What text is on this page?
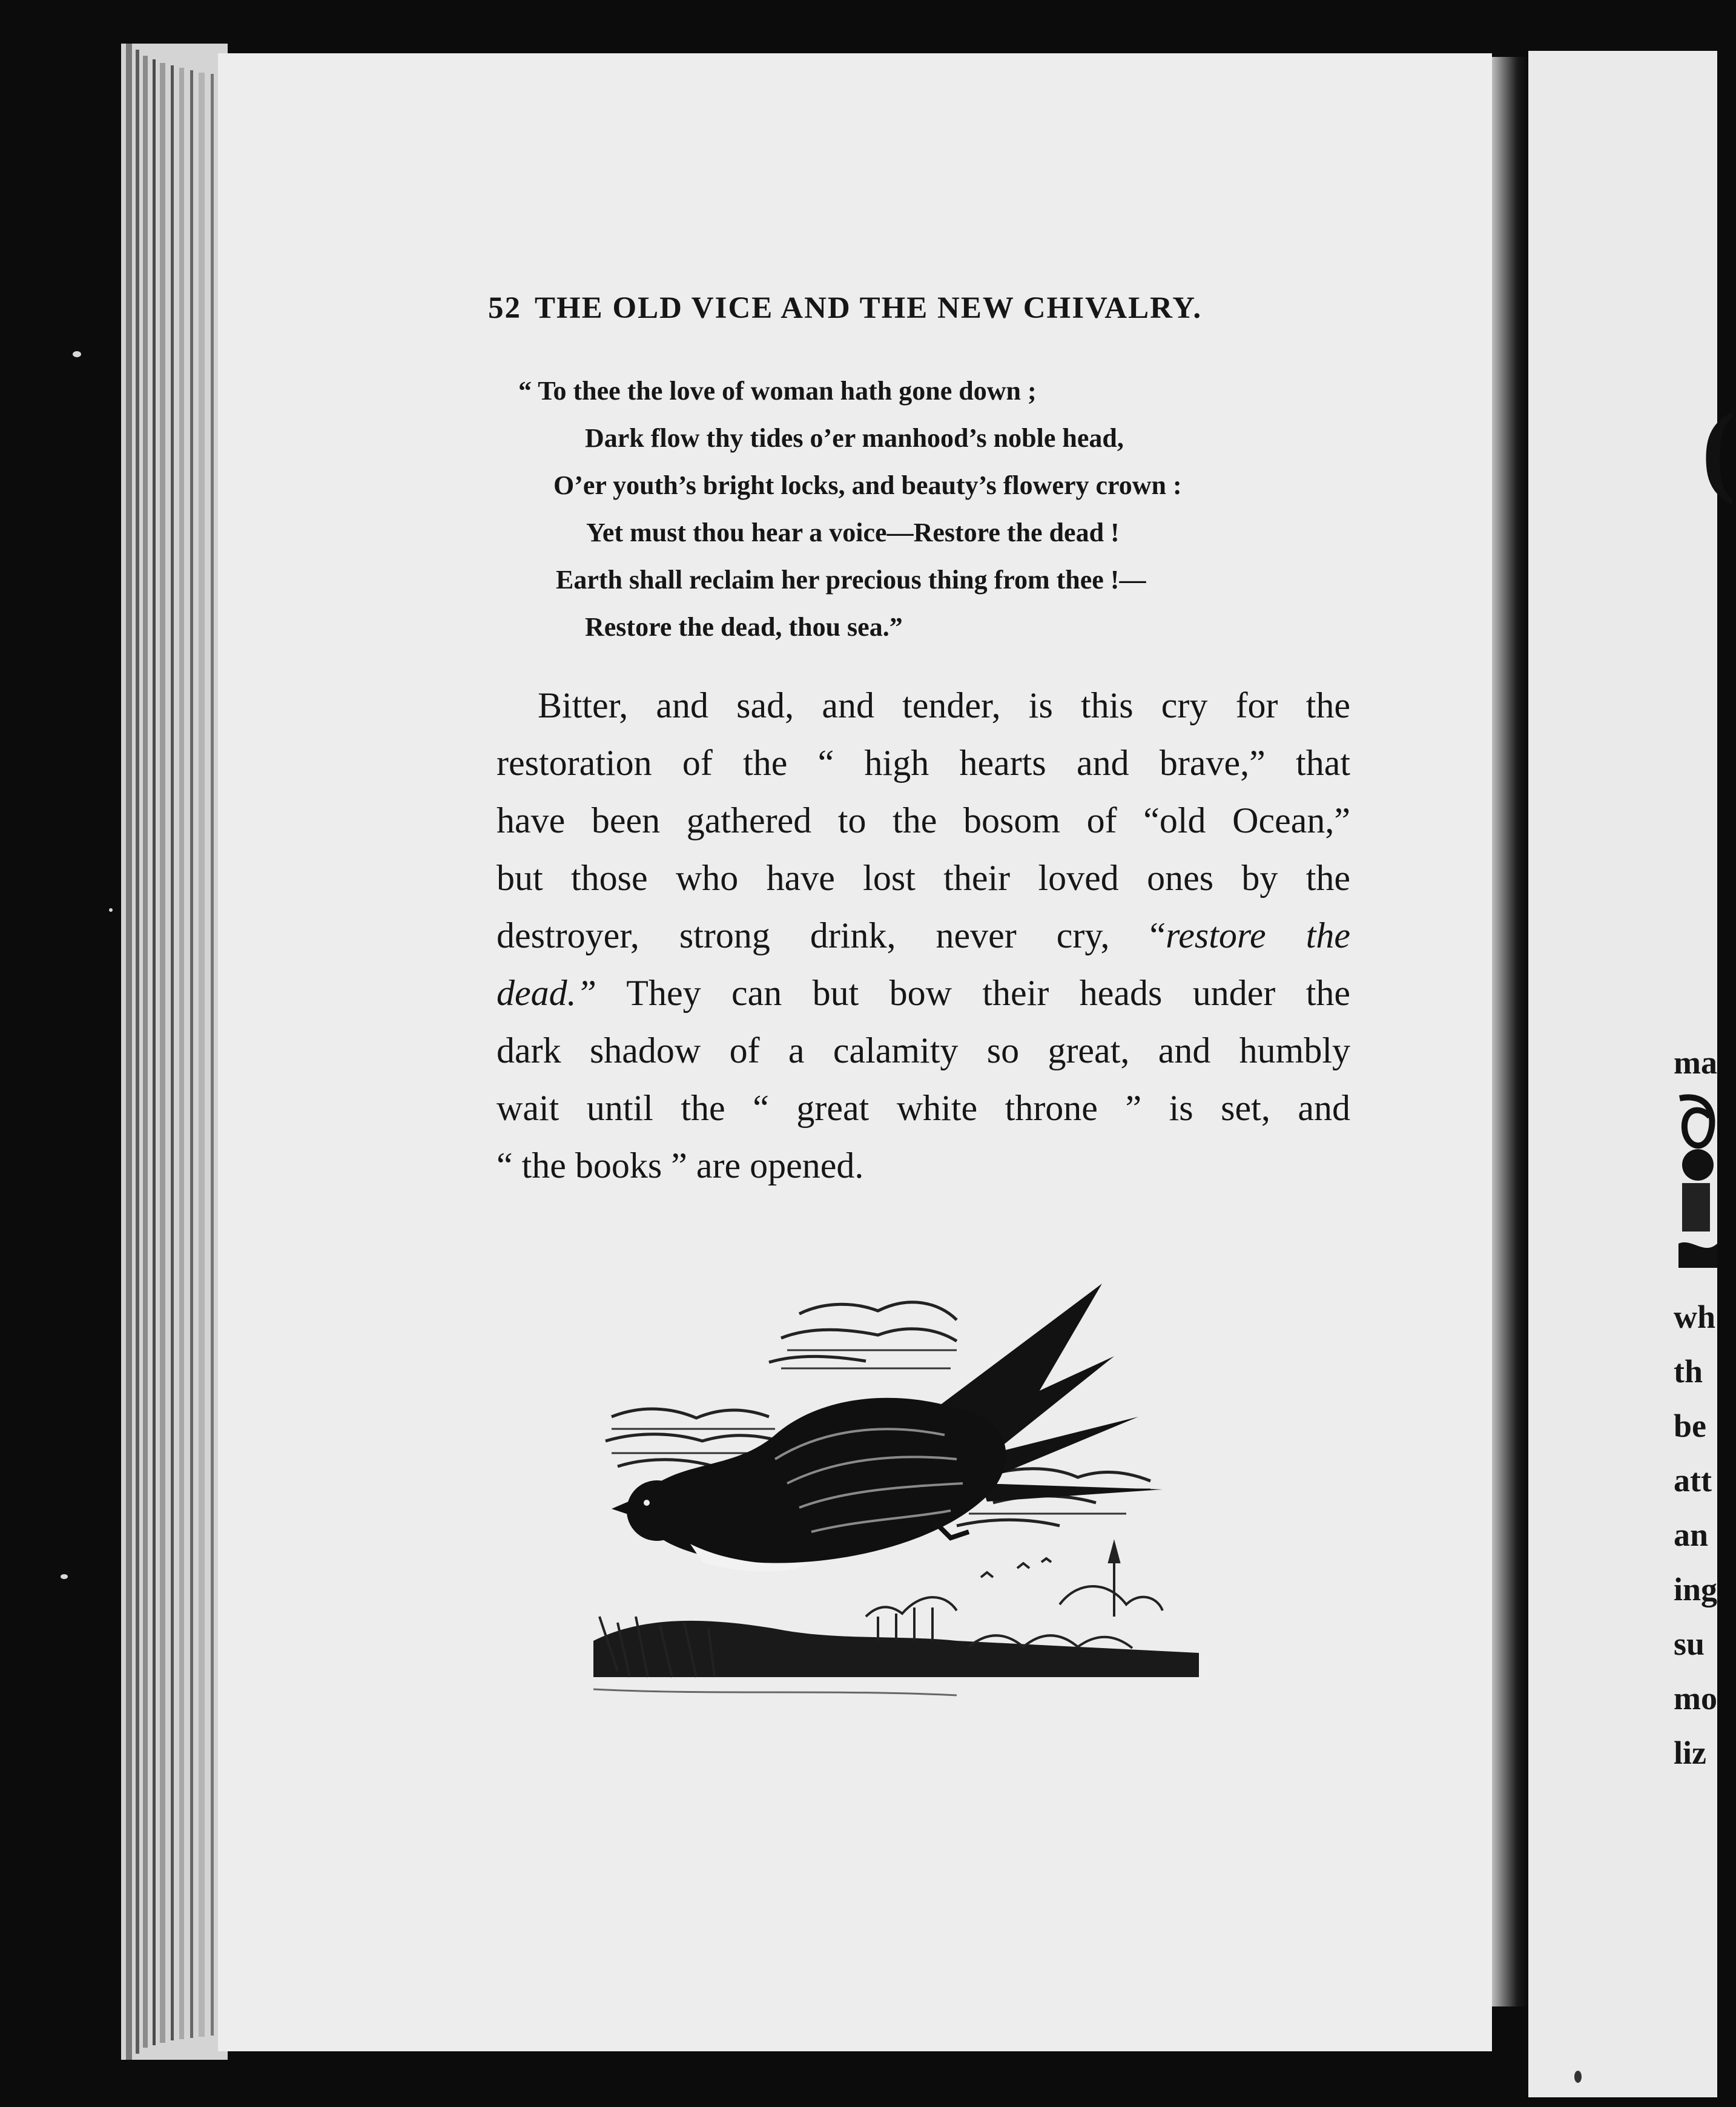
(
ma
wh
th
be
att
an
ing
su
mo
liz
52 THE OLD VICE AND THE NEW CHIVALRY.
“ To thee the love of woman hath gone down ;
Dark flow thy tides o’er manhood’s noble head,
O’er youth’s bright locks, and beauty’s flowery crown :
Yet must thou hear a voice—Restore the dead !
Earth shall reclaim her precious thing from thee !—
Restore the dead, thou sea.”
Bitter, and sad, and tender, is this cry for the
restoration of the “ high hearts and brave,” that
have been gathered to the bosom of “old Ocean,”
but those who have lost their loved ones by the
destroyer, strong drink, never cry, “restore the
dead.” They can but bow their heads under the
dark shadow of a calamity so great, and humbly
wait until the “ great white throne ” is set, and
“ the books ” are opened.
